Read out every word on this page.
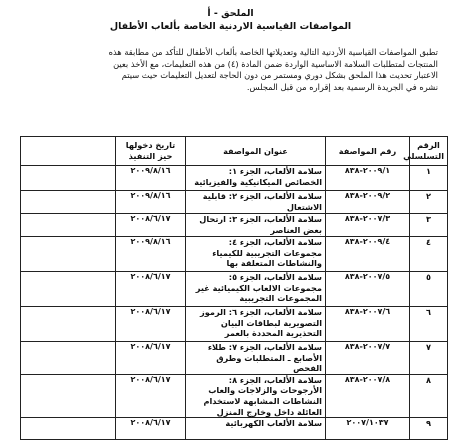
الملحق - أ
المواصفات القياسية الاردنية الخاصة بألعاب الأطفال
تطبق المواصفات القياسية الأردنية التالية وتعديلاتها الخاصة بألعاب الأطفال للتأكد من مطابقة هذه
المنتجات لمتطلبات السلامة الاساسية الواردة ضمن المادة (٤) من هذه التعليمات، مع الأخذ بعين
الاعتبار تحديث هذا الملحق بشكل دوري ومستمر من دون الحاجة لتعديل التعليمات حيث سيتم
نشره في الجريدة الرسمية بعد إقراره من قبل المجلس.
الرقم التسلسلي	رقم المواصفة	عنوان المواصفة	تاريخ دخولها حيز التنفيذ	
١	٢٠٠٩/١-٨٣٨	سلامة الألعاب، الجزء ١: الخصائص الميكانيكية والفيزيائية	٢٠٠٩/٨/١٦	
٢	٢٠٠٩/٢-٨٣٨	سلامة الألعاب، الجزء ٢: قابلية الاشتعال	٢٠٠٩/٨/١٦	
٣	٢٠٠٧/٣-٨٣٨	سلامة الألعاب، الجزء ٣: ارتحال بعض العناصر	٢٠٠٨/٦/١٧	
٤	٢٠٠٩/٤-٨٣٨	سلامة الألعاب، الجزء ٤: مجموعات التجريبية للكيمياء والنشاطات المتعلقة بها	٢٠٠٩/٨/١٦	
٥	٢٠٠٧/٥-٨٣٨	سلامة الألعاب، الجزء ٥: مجموعات الالعاب الكيميائية غير المجموعات التجريبية	٢٠٠٨/٦/١٧	
٦	٢٠٠٧/٦-٨٣٨	سلامة الألعاب، الجزء ٦: الرموز التصويرية لبطاقات البيان التحذيرية المحددة بالعمر	٢٠٠٨/٦/١٧	
٧	٢٠٠٧/٧-٨٣٨	سلامة الألعاب، الجزء ٧: طلاء الأصابع ـ المتطلبات وطرق الفحص	٢٠٠٨/٦/١٧	
٨	٢٠٠٧/٨-٨٣٨	سلامة الألعاب، الجزء ٨: الأرجوحات والزلاجات والعاب النشاطات المشابهة لاستخدام العائلة داخل وخارج المنزل	٢٠٠٨/٦/١٧	
٩	٢٠٠٧/١٠٣٧	سلامة الألعاب الكهربائية	٢٠٠٨/٦/١٧	
